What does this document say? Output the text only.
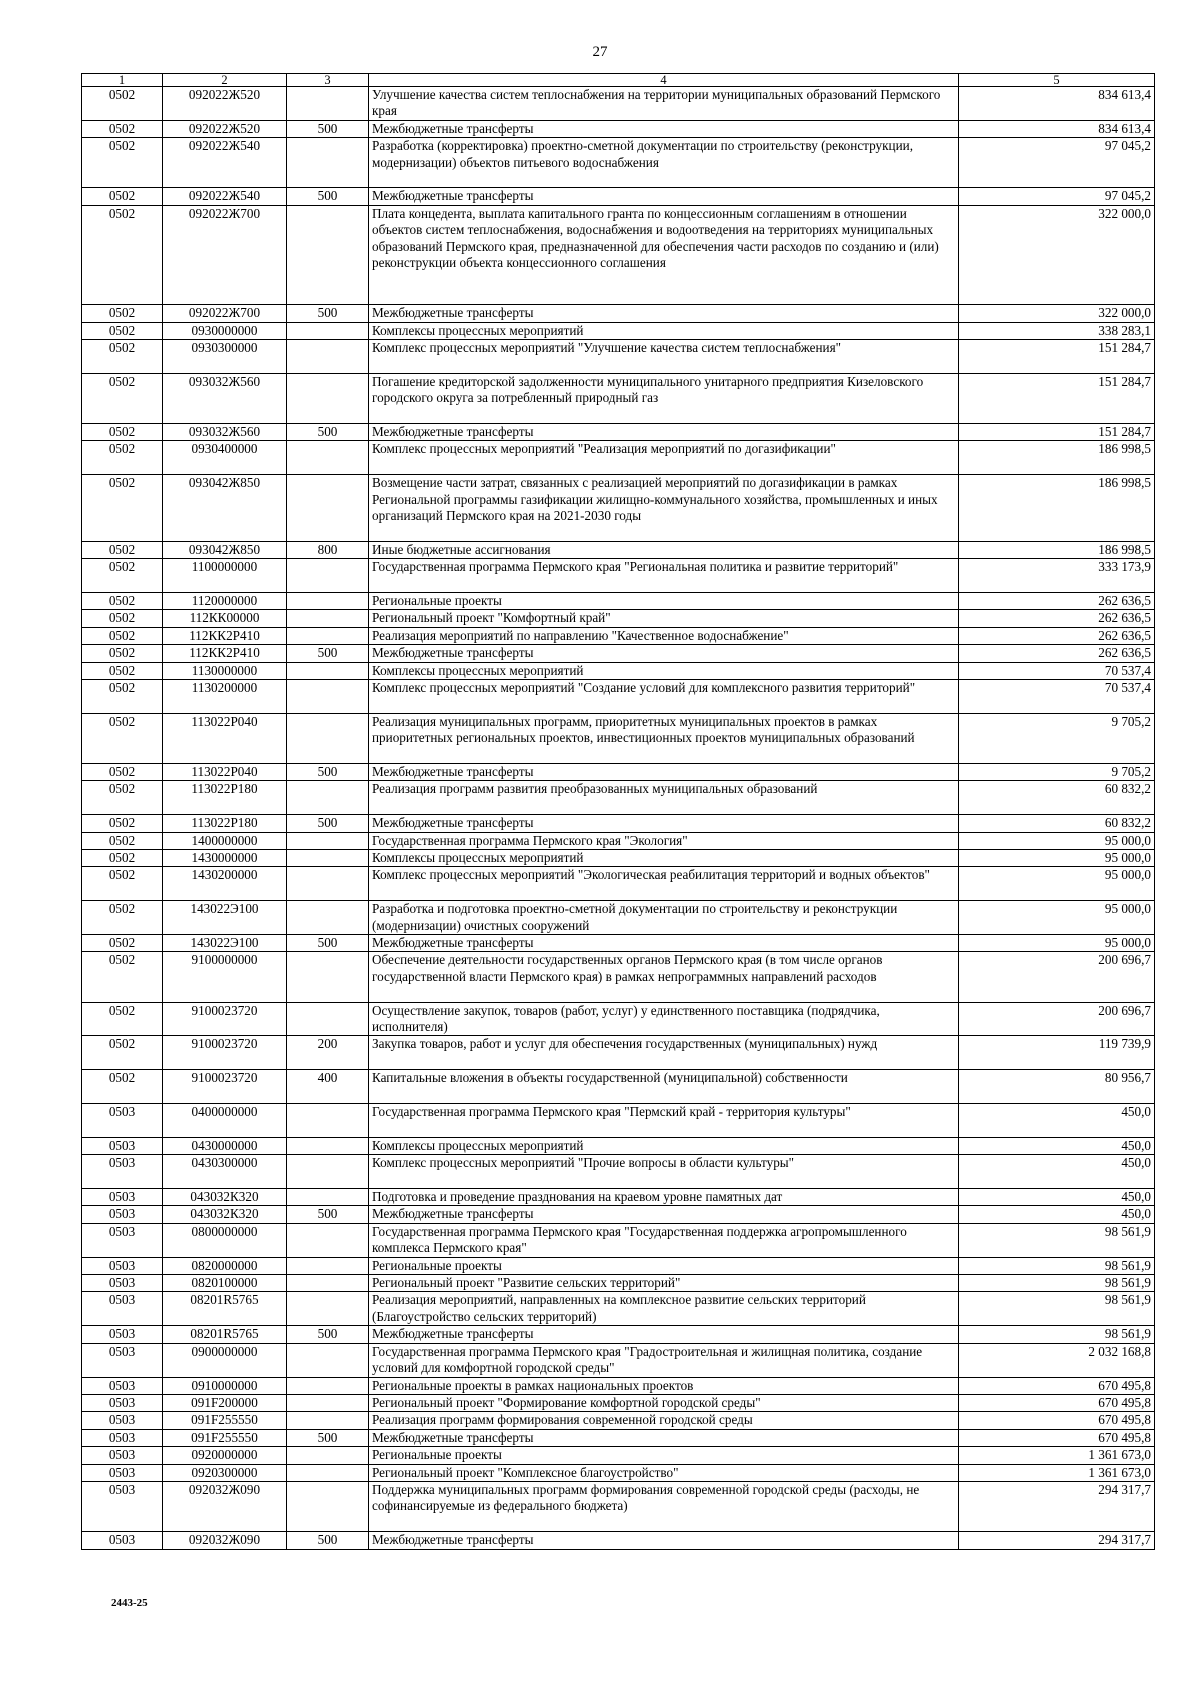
27
1	2	3	4	5
0502	092022Ж520		Улучшение качества систем теплоснабжения на территории муниципальных образований Пермского края	834 613,4
0502	092022Ж520	500	Межбюджетные трансферты	834 613,4
0502	092022Ж540		Разработка (корректировка) проектно-сметной документации по строительству (реконструкции, модернизации) объектов питьевого водоснабжения	97 045,2
0502	092022Ж540	500	Межбюджетные трансферты	97 045,2
0502	092022Ж700		Плата концедента, выплата капитального гранта по концессионным соглашениям в отношении объектов систем теплоснабжения, водоснабжения и водоотведения на территориях муниципальных образований Пермского края, предназначенной для обеспечения части расходов по созданию и (или) реконструкции объекта концессионного соглашения	322 000,0
0502	092022Ж700	500	Межбюджетные трансферты	322 000,0
0502	0930000000		Комплексы процессных мероприятий	338 283,1
0502	0930300000		Комплекс процессных мероприятий "Улучшение качества систем теплоснабжения"	151 284,7
0502	093032Ж560		Погашение кредиторской задолженности муниципального унитарного предприятия Кизеловского городского округа за потребленный природный газ	151 284,7
0502	093032Ж560	500	Межбюджетные трансферты	151 284,7
0502	0930400000		Комплекс процессных мероприятий "Реализация мероприятий по догазификации"	186 998,5
0502	093042Ж850		Возмещение части затрат, связанных с реализацией мероприятий по догазификации в рамках Региональной программы газификации жилищно-коммунального хозяйства, промышленных и иных организаций Пермского края на 2021-2030 годы	186 998,5
0502	093042Ж850	800	Иные бюджетные ассигнования	186 998,5
0502	1100000000		Государственная программа Пермского края "Региональная политика и развитие территорий"	333 173,9
0502	1120000000		Региональные проекты	262 636,5
0502	112КК00000		Региональный проект "Комфортный край"	262 636,5
0502	112КК2Р410		Реализация мероприятий по направлению "Качественное водоснабжение"	262 636,5
0502	112КК2Р410	500	Межбюджетные трансферты	262 636,5
0502	1130000000		Комплексы процессных мероприятий	70 537,4
0502	1130200000		Комплекс процессных мероприятий "Создание условий для комплексного развития территорий"	70 537,4
0502	113022Р040		Реализация муниципальных программ, приоритетных муниципальных проектов в рамках приоритетных региональных проектов, инвестиционных проектов муниципальных образований	9 705,2
0502	113022Р040	500	Межбюджетные трансферты	9 705,2
0502	113022Р180		Реализация программ развития преобразованных муниципальных образований	60 832,2
0502	113022Р180	500	Межбюджетные трансферты	60 832,2
0502	1400000000		Государственная программа Пермского края "Экология"	95 000,0
0502	1430000000		Комплексы процессных мероприятий	95 000,0
0502	1430200000		Комплекс процессных мероприятий "Экологическая реабилитация территорий и водных объектов"	95 000,0
0502	143022Э100		Разработка и подготовка проектно-сметной документации по строительству и реконструкции (модернизации) очистных сооружений	95 000,0
0502	143022Э100	500	Межбюджетные трансферты	95 000,0
0502	9100000000		Обеспечение деятельности государственных органов Пермского края (в том числе органов государственной власти Пермского края) в рамках непрограммных направлений расходов	200 696,7
0502	9100023720		Осуществление закупок, товаров (работ, услуг) у единственного поставщика (подрядчика, исполнителя)	200 696,7
0502	9100023720	200	Закупка товаров, работ и услуг для обеспечения государственных (муниципальных) нужд	119 739,9
0502	9100023720	400	Капитальные вложения в объекты государственной (муниципальной) собственности	80 956,7
0503	0400000000		Государственная программа Пермского края "Пермский край - территория культуры"	450,0
0503	0430000000		Комплексы процессных мероприятий	450,0
0503	0430300000		Комплекс процессных мероприятий "Прочие вопросы в области культуры"	450,0
0503	043032К320		Подготовка и проведение празднования на краевом уровне памятных дат	450,0
0503	043032К320	500	Межбюджетные трансферты	450,0
0503	0800000000		Государственная программа Пермского края "Государственная поддержка агропромышленного комплекса Пермского края"	98 561,9
0503	0820000000		Региональные проекты	98 561,9
0503	0820100000		Региональный проект "Развитие сельских территорий"	98 561,9
0503	08201R5765		Реализация мероприятий, направленных на комплексное развитие сельских территорий (Благоустройство сельских территорий)	98 561,9
0503	08201R5765	500	Межбюджетные трансферты	98 561,9
0503	0900000000		Государственная программа Пермского края "Градостроительная и жилищная политика, создание условий для комфортной городской среды"	2 032 168,8
0503	0910000000		Региональные проекты в рамках национальных проектов	670 495,8
0503	091F200000		Региональный проект "Формирование комфортной городской среды"	670 495,8
0503	091F255550		Реализация программ формирования современной городской среды	670 495,8
0503	091F255550	500	Межбюджетные трансферты	670 495,8
0503	0920000000		Региональные проекты	1 361 673,0
0503	0920300000		Региональный проект "Комплексное благоустройство"	1 361 673,0
0503	092032Ж090		Поддержка муниципальных программ формирования современной городской среды (расходы, не софинансируемые из федерального бюджета)	294 317,7
0503	092032Ж090	500	Межбюджетные трансферты	294 317,7
2443-25
